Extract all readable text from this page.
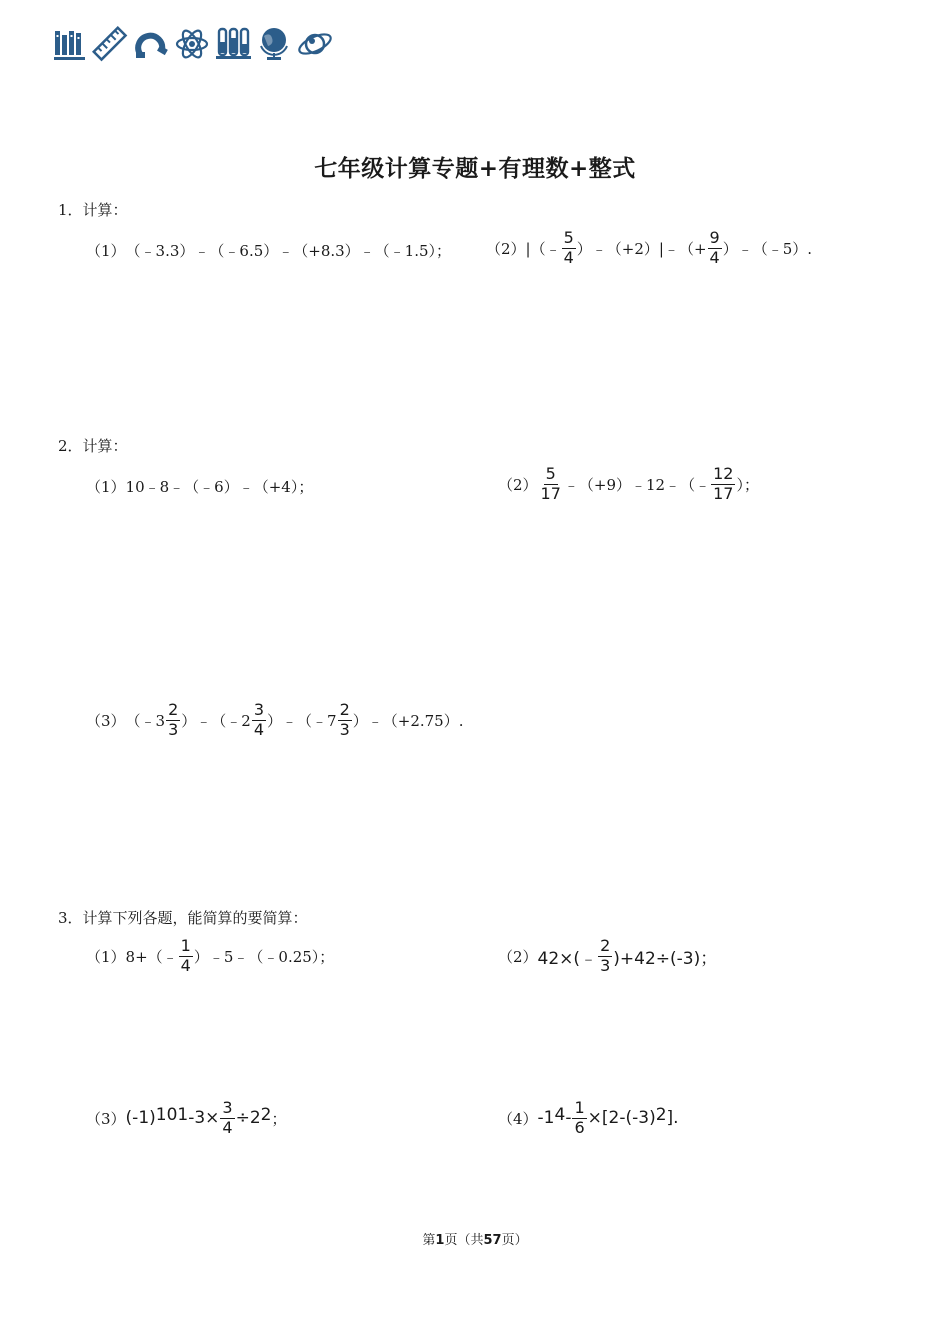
七年级计算专题+有理数+整式
1．计算：
（1） （﹣3.3）﹣（﹣6.5）﹣（+8.3）﹣（﹣1.5）； （2） |（﹣ $\frac{5}{4}$ ）﹣（+2）|﹣（+ $\frac{9}{4}$ ）﹣（﹣5）.
2．计算：
（1） 10﹣8﹣（﹣6）﹣（+4）；	$(2) \frac{5}{17}$ ﹣（+9）﹣12﹣（﹣ $\frac{12}{17}$ ）；
（3） （﹣3 $\frac{2}{3}$ ）﹣（﹣2 $\frac{3}{4}$ ）﹣（﹣7 $\frac{2}{3}$ ）﹣（+2.75）.
3．计算下列各题，能简算的要简算：
（1） 8+（﹣ $\frac{1}{4}$ ）﹣5﹣（﹣0.25）；	（2） 42×(﹣ $\frac{2}{3} )+42\div(-3)$；
（3） $(-1)^{101}$ $-3\times \frac{3}{4} \div 2^2$ ；	（4） $-1^4 - \frac{1}{6} \times[2-(-3)^2$ ].
第1页（共57页）
